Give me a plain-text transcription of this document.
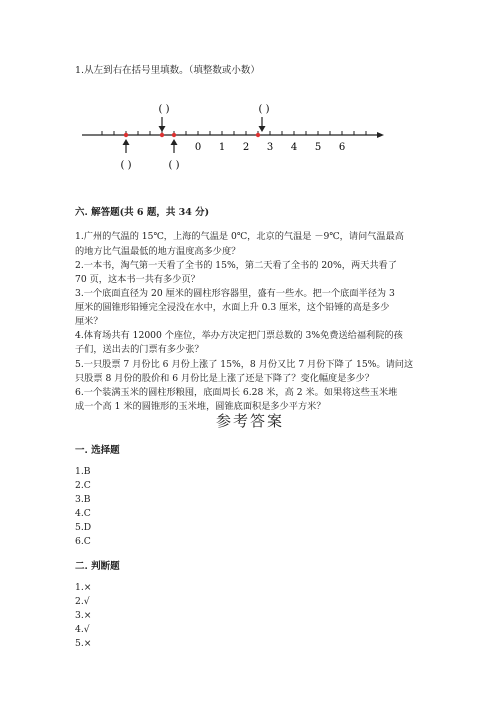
1.从左到右在括号里填数。（填整数或小数）
( )	( )
( )	( )
0 1 2 3 4 5 6
六. 解答题(共 6 题，共 34 分)
1.广州的气温的 15℃，上海的气温是 0℃，北京的气温是 －9℃，请问气温最高
的地方比气温最低的地方温度高多少度？
2.一本书，淘气第一天看了全书的 15%，第二天看了全书的 20%，两天共看了
70 页，这本书一共有多少页？
3.一个底面直径为 20 厘米的圆柱形容器里，盛有一些水。把一个底面半径为 3
厘米的圆锥形铅锤完全浸没在水中，水面上升 0.3 厘米，这个铅锤的高是多少
厘米？
4.体育场共有 12000 个座位，举办方决定把门票总数的 3%免费送给福利院的孩
子们，送出去的门票有多少张？
5.一只股票 7 月份比 6 月份上涨了 15%，8 月份又比 7 月份下降了 15%。请问这
只股票 8 月份的股价和 6 月份比是上涨了还是下降了？变化幅度是多少？
6.一个装满玉米的圆柱形粮囤，底面周长 6.28 米，高 2 米。如果将这些玉米堆
成一个高 1 米的圆锥形的玉米堆，圆锥底面积是多少平方米？
参考答案
一. 选择题
1.B
2.C
3.B
4.C
5.D
6.C
二. 判断题
1.×
2.√
3.×
4.√
5.×
